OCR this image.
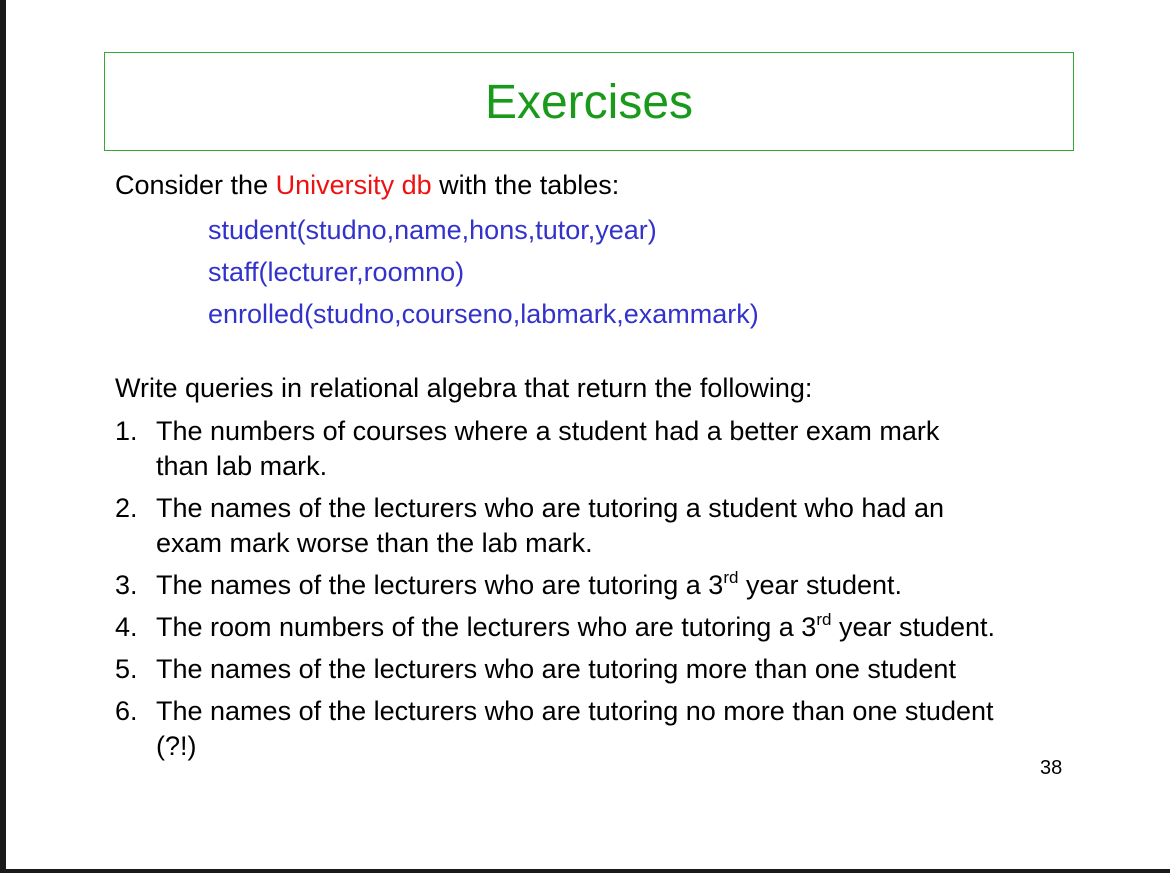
Exercises
Consider the University db with the tables:
student(studno,name,hons,tutor,year)
staff(lecturer,roomno)
enrolled(studno,courseno,labmark,exammark)
Write queries in relational algebra that return the following:
1. The numbers of courses where a student had a better exam mark
than lab mark.
2. The names of the lecturers who are tutoring a student who had an
exam mark worse than the lab mark.
3. The names of the lecturers who are tutoring a 3rd year student.
4. The room numbers of the lecturers who are tutoring a 3rd year student.
5. The names of the lecturers who are tutoring more than one student
6. The names of the lecturers who are tutoring no more than one student
(?!)
38
